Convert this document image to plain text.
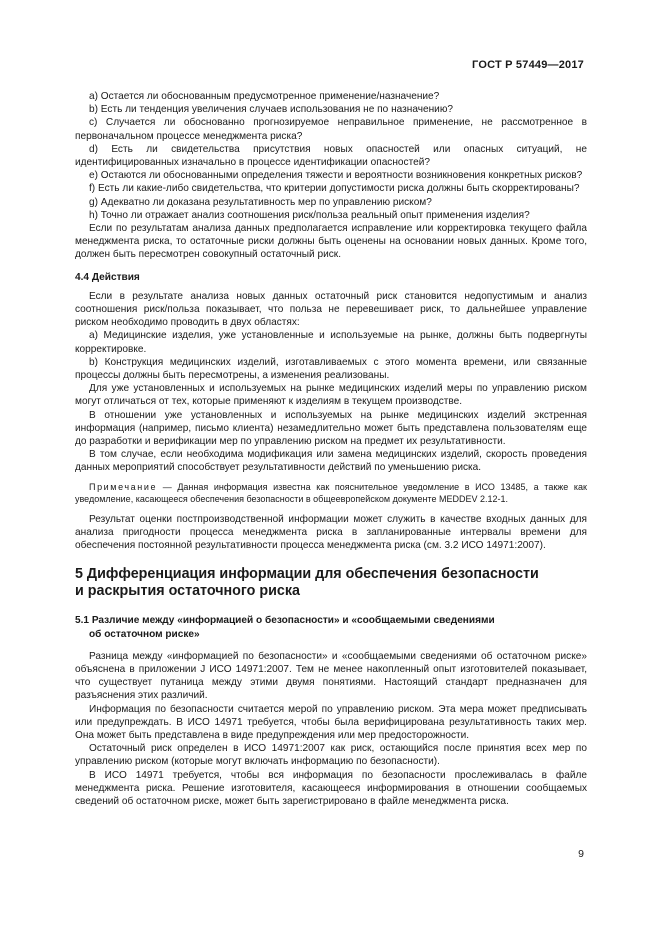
ГОСТ Р 57449—2017

а) Остается ли обоснованным предусмотренное применение/назначение?

b) Есть ли тенденция увеличения случаев использования не по назначению?

с) Случается ли обоснованно прогнозируемое неправильное применение, не рассмотренное в первоначальном процессе менеджмента риска?

d) Есть ли свидетельства присутствия новых опасностей или опасных ситуаций, не идентифицированных изначально в процессе идентификации опасностей?

е) Остаются ли обоснованными определения тяжести и вероятности возникновения конкретных рисков?

f) Есть ли какие-либо свидетельства, что критерии допустимости риска должны быть скорректированы?

g) Адекватно ли доказана результативность мер по управлению риском?

h) Точно ли отражает анализ соотношения риск/польза реальный опыт применения изделия?

Если по результатам анализа данных предполагается исправление или корректировка текущего файла менеджмента риска, то остаточные риски должны быть оценены на основании новых данных. Кроме того, должен быть пересмотрен совокупный остаточный риск.

4.4 Действия

Если в результате анализа новых данных остаточный риск становится недопустимым и анализ соотношения риск/польза показывает, что польза не перевешивает риск, то дальнейшее управление риском необходимо проводить в двух областях:

а) Медицинские изделия, уже установленные и используемые на рынке, должны быть подвергнуты корректировке.

b) Конструкция медицинских изделий, изготавливаемых с этого момента времени, или связанные процессы должны быть пересмотрены, а изменения реализованы.

Для уже установленных и используемых на рынке медицинских изделий меры по управлению риском могут отличаться от тех, которые применяют к изделиям в текущем производстве.

В отношении уже установленных и используемых на рынке медицинских изделий экстренная информация (например, письмо клиента) незамедлительно может быть представлена пользователям еще до разработки и верификации мер по управлению риском на предмет их результативности.

В том случае, если необходима модификация или замена медицинских изделий, скорость проведения данных мероприятий способствует результативности действий по уменьшению риска.

Примечание — Данная информация известна как пояснительное уведомление в ИСО 13485, а также как уведомление, касающееся обеспечения безопасности в общеевропейском документе MEDDEV 2.12-1.

Результат оценки постпроизводственной информации может служить в качестве входных данных для анализа пригодности процесса менеджмента риска в запланированные интервалы времени для обеспечения постоянной результативности процесса менеджмента риска (см. 3.2 ИСО 14971:2007).

5 Дифференциация информации для обеспечения безопасности
и раскрытия остаточного риска
5.1 Различие между «информацией о безопасности» и «сообщаемыми сведениями
об остаточном риске»

Разница между «информацией по безопасности» и «сообщаемыми сведениями об остаточном риске» объяснена в приложении J ИСО 14971:2007. Тем не менее накопленный опыт изготовителей показывает, что существует путаница между этими двумя понятиями. Настоящий стандарт предназначен для разъяснения этих различий.

Информация по безопасности считается мерой по управлению риском. Эта мера может предписывать или предупреждать. В ИСО 14971 требуется, чтобы была верифицирована результативность таких мер. Она может быть представлена в виде предупреждения или мер предосторожности.

Остаточный риск определен в ИСО 14971:2007 как риск, остающийся после принятия всех мер по управлению риском (которые могут включать информацию по безопасности).

В ИСО 14971 требуется, чтобы вся информация по безопасности прослеживалась в файле менеджмента риска. Решение изготовителя, касающееся информирования в отношении сообщаемых сведений об остаточном риске, может быть зарегистрировано в файле менеджмента риска.

9
